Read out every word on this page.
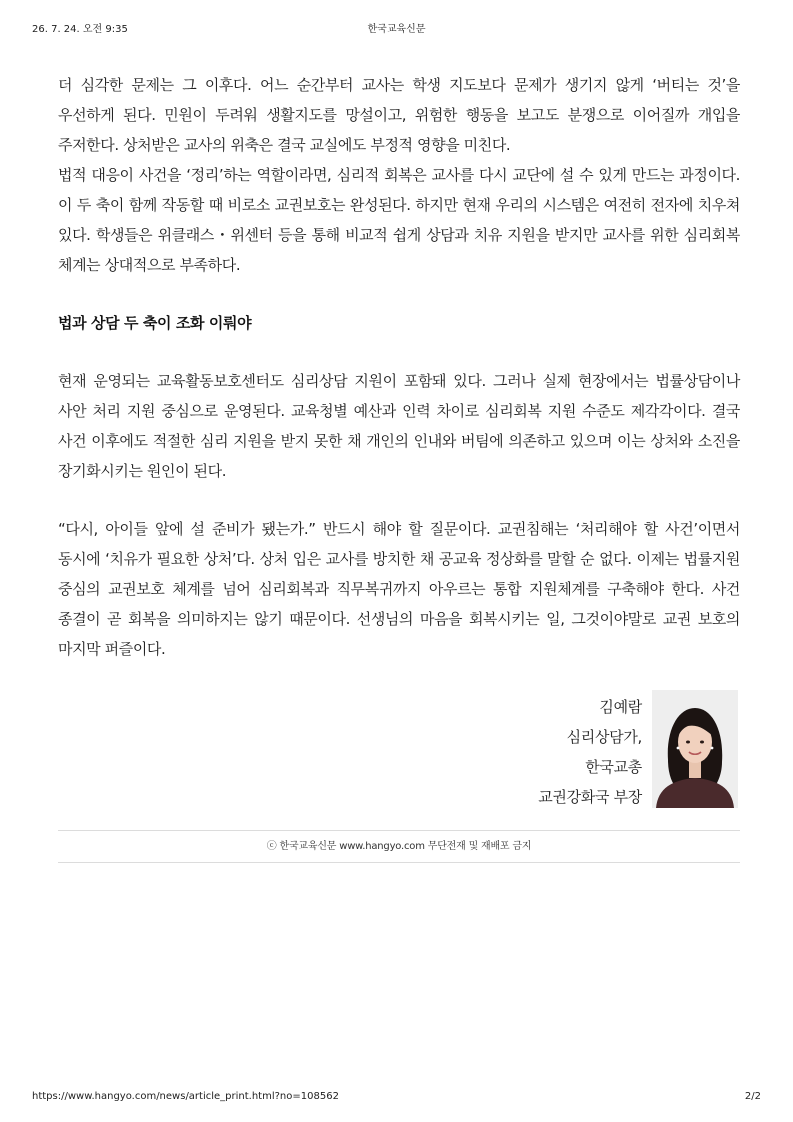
26. 7. 24. 오전 9:35	한국교육신문

더 심각한 문제는 그 이후다. 어느 순간부터 교사는 학생 지도보다 문제가 생기지 않게 ‘버티는 것’을 우선하게 된다. 민원이 두려워 생활지도를 망설이고, 위험한 행동을 보고도 분쟁으로 이어질까 개입을 주저한다. 상처받은 교사의 위축은 결국 교실에도 부정적 영향을 미친다.

법적 대응이 사건을 ‘정리’하는 역할이라면, 심리적 회복은 교사를 다시 교단에 설 수 있게 만드는 과정이다. 이 두 축이 함께 작동할 때 비로소 교권보호는 완성된다. 하지만 현재 우리의 시스템은 여전히 전자에 치우쳐 있다. 학생들은 위클래스・위센터 등을 통해 비교적 쉽게 상담과 치유 지원을 받지만 교사를 위한 심리회복 체계는 상대적으로 부족하다.

법과 상담 두 축이 조화 이뤄야

현재 운영되는 교육활동보호센터도 심리상담 지원이 포함돼 있다. 그러나 실제 현장에서는 법률상담이나 사안 처리 지원 중심으로 운영된다. 교육청별 예산과 인력 차이로 심리회복 지원 수준도 제각각이다. 결국 사건 이후에도 적절한 심리 지원을 받지 못한 채 개인의 인내와 버팀에 의존하고 있으며 이는 상처와 소진을 장기화시키는 원인이 된다.

“다시, 아이들 앞에 설 준비가 됐는가.” 반드시 해야 할 질문이다. 교권침해는 ‘처리해야 할 사건’이면서 동시에 ‘치유가 필요한 상처’다. 상처 입은 교사를 방치한 채 공교육 정상화를 말할 순 없다. 이제는 법률지원 중심의 교권보호 체계를 넘어 심리회복과 직무복귀까지 아우르는 통합 지원체계를 구축해야 한다. 사건 종결이 곧 회복을 의미하지는 않기 때문이다. 선생님의 마음을 회복시키는 일, 그것이야말로 교권 보호의 마지막 퍼즐이다.

김예람
심리상담가,
한국교총
교권강화국 부장
ⓒ 한국교육신문 www.hangyo.com 무단전재 및 재배포 금지
https://www.hangyo.com/news/article_print.html?no=108562	2/2
